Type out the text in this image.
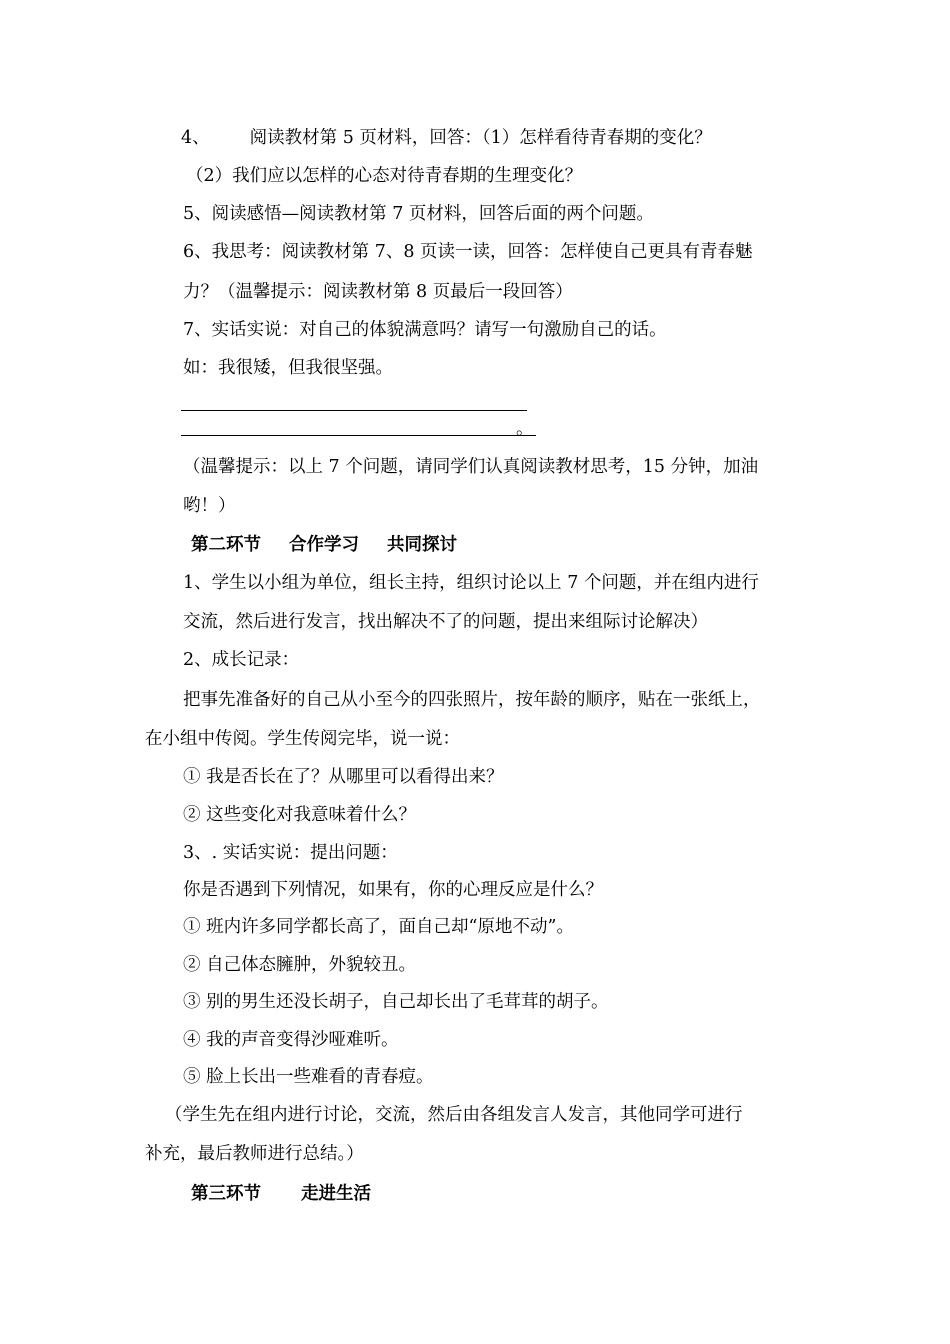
4、 阅读教材第 5 页材料，回答：（1）怎样看待青春期的变化？
（2）我们应以怎样的心态对待青春期的生理变化？
5、阅读感悟—阅读教材第 7 页材料，回答后面的两个问题。
6、我思考：阅读教材第 7、8 页读一读，回答：怎样使自己更具有青春魅
力？（温馨提示：阅读教材第 8 页最后一段回答）
7、实话实说：对自己的体貌满意吗？请写一句激励自己的话。
如：我很矮，但我很坚强。
。
（温馨提示：以上 7 个问题，请同学们认真阅读教材思考，15 分钟，加油
哟！）
第二环节 合作学习 共同探讨
1、学生以小组为单位，组长主持，组织讨论以上 7 个问题，并在组内进行
交流，然后进行发言，找出解决不了的问题，提出来组际讨论解决）
2、成长记录：
把事先准备好的自己从小至今的四张照片，按年龄的顺序，贴在一张纸上，
在小组中传阅。学生传阅完毕，说一说：
① 我是否长在了？从哪里可以看得出来？
② 这些变化对我意味着什么？
3、. 实话实说：提出问题：
你是否遇到下列情况，如果有，你的心理反应是什么？
① 班内许多同学都长高了，面自己却“原地不动”。
② 自己体态臃肿，外貌较丑。
③ 别的男生还没长胡子，自己却长出了毛茸茸的胡子。
④ 我的声音变得沙哑难听。
⑤ 脸上长出一些难看的青春痘。
（学生先在组内进行讨论，交流，然后由各组发言人发言，其他同学可进行
补充，最后教师进行总结。）
第三环节 走进生活
